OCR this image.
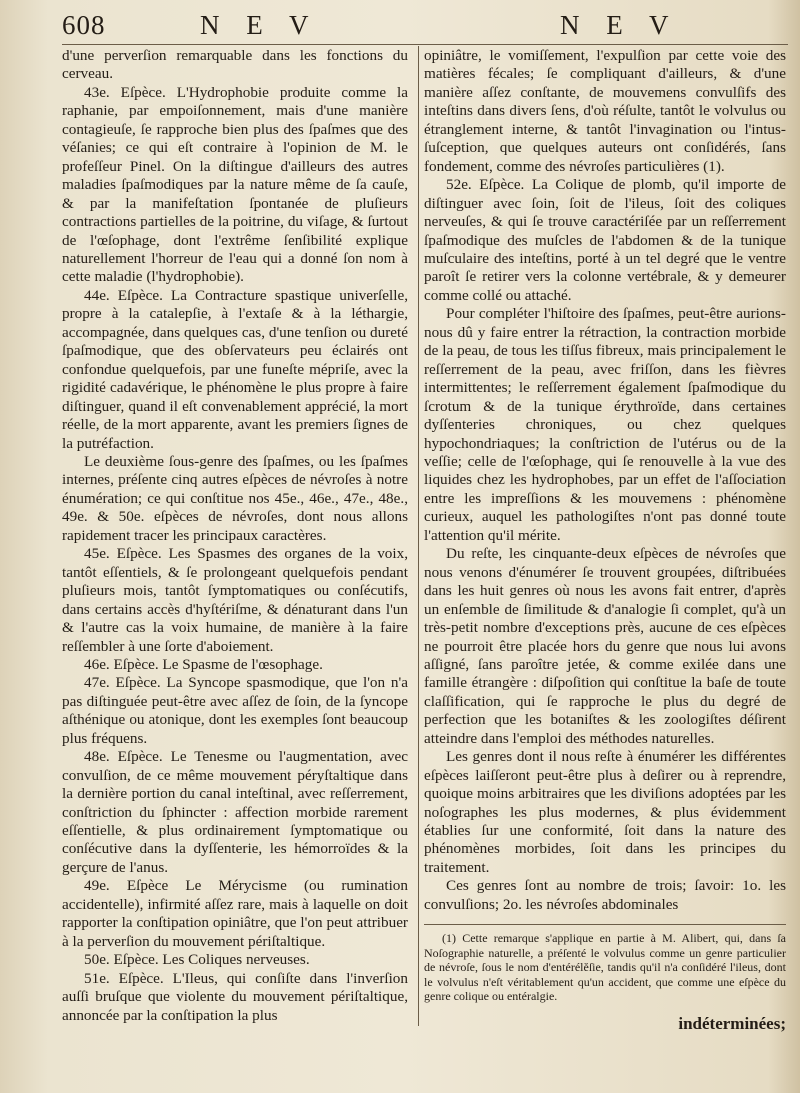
608	N E V	N E V

d'une perverſion remarquable dans les fonctions du cerveau.

43e. Eſpèce. L'Hydrophobie produite comme la raphanie, par empoiſonnement, mais d'une manière contagieuſe, ſe rapproche bien plus des ſpaſmes que des véſanies; ce qui eſt contraire à l'opinion de M. le profeſſeur Pinel. On la diſtingue d'ailleurs des autres maladies ſpaſmodiques par la nature même de ſa cauſe, & par la manifeſtation ſpontanée de pluſieurs contractions partielles de la poitrine, du viſage, & ſurtout de l'œſophage, dont l'extrême ſenſibilité explique naturellement l'horreur de l'eau qui a donné ſon nom à cette maladie (l'hydrophobie).

44e. Eſpèce. La Contracture spastique univerſelle, propre à la catalepſie, à l'extaſe & à la léthargie, accompagnée, dans quelques cas, d'une tenſion ou dureté ſpaſmodique, que des obſervateurs peu éclairés ont confondue quelquefois, par une funeſte mépriſe, avec la rigidité cadavérique, le phénomène le plus propre à faire diſtinguer, quand il eſt convenablement apprécié, la mort réelle, de la mort apparente, avant les premiers ſignes de la putréfaction.

Le deuxième ſous-genre des ſpaſmes, ou les ſpaſmes internes, préſente cinq autres eſpèces de névroſes à notre énumération; ce qui conſtitue nos 45e., 46e., 47e., 48e., 49e. & 50e. eſpèces de névroſes, dont nous allons rapidement tracer les principaux caractères.

45e. Eſpèce. Les Spasmes des organes de la voix, tantôt eſſentiels, & ſe prolongeant quelquefois pendant pluſieurs mois, tantôt ſymptomatiques ou conſécutifs, dans certains accès d'hyſtériſme, & dénaturant dans l'un & l'autre cas la voix humaine, de manière à la faire reſſembler à une ſorte d'aboiement.

46e. Eſpèce. Le Spasme de l'œsophage.

47e. Eſpèce. La Syncope spasmodique, que l'on n'a pas diſtinguée peut-être avec aſſez de ſoin, de la ſyncope aſthénique ou atonique, dont les exemples ſont beaucoup plus fréquens.

48e. Eſpèce. Le Tenesme ou l'augmentation, avec convulſion, de ce même mouvement péryſtaltique dans la dernière portion du canal inteſtinal, avec reſſerrement, conſtriction du ſphincter : affection morbide rarement eſſentielle, & plus ordinairement ſymptomatique ou conſécutive dans la dyſſenterie, les hémorroïdes & la gerçure de l'anus.

49e. Eſpèce Le Mérycisme (ou rumination accidentelle), infirmité aſſez rare, mais à laquelle on doit rapporter la conſtipation opiniâtre, que l'on peut attribuer à la perverſion du mouvement périſtaltique.

50e. Eſpèce. Les Coliques nerveuses.

51e. Eſpèce. L'Ileus, qui conſiſte dans l'inverſion auſſi bruſque que violente du mouvement périſtaltique, annoncée par la conſtipation la plus

opiniâtre, le vomiſſement, l'expulſion par cette voie des matières fécales; ſe compliquant d'ailleurs, & d'une manière aſſez conſtante, de mouvemens convulſifs des inteſtins dans divers ſens, d'où réſulte, tantôt le volvulus ou étranglement interne, & tantôt l'invagination ou l'intus-ſuſception, que quelques auteurs ont conſidérés, ſans fondement, comme des névroſes particulières (1).

52e. Eſpèce. La Colique de plomb, qu'il importe de diſtinguer avec ſoin, ſoit de l'ileus, ſoit des coliques nerveuſes, & qui ſe trouve caractériſée par un reſſerrement ſpaſmodique des muſcles de l'abdomen & de la tunique muſculaire des inteſtins, porté à un tel degré que le ventre paroît ſe retirer vers la colonne vertébrale, & y demeurer comme collé ou attaché.

Pour compléter l'hiſtoire des ſpaſmes, peut-être aurions-nous dû y faire entrer la rétraction, la contraction morbide de la peau, de tous les tiſſus fibreux, mais principalement le reſſerrement de la peau, avec friſſon, dans les fièvres intermittentes; le reſſerrement également ſpaſmodique du ſcrotum & de la tunique érythroïde, dans certaines dyſſenteries chroniques, ou chez quelques hypochondriaques; la conſtriction de l'utérus ou de la veſſie; celle de l'œſophage, qui ſe renouvelle à la vue des liquides chez les hydrophobes, par un effet de l'aſſociation entre les impreſſions & les mouvemens : phénomène curieux, auquel les pathologiſtes n'ont pas donné toute l'attention qu'il mérite.

Du reſte, les cinquante-deux eſpèces de névroſes que nous venons d'énumérer ſe trouvent groupées, diſtribuées dans les huit genres où nous les avons fait entrer, d'après un enſemble de ſimilitude & d'analogie ſi complet, qu'à un très-petit nombre d'exceptions près, aucune de ces eſpèces ne pourroit être placée hors du genre que nous lui avons aſſigné, ſans paroître jetée, & comme exilée dans une famille étrangère : diſpoſition qui conſtitue la baſe de toute claſſification, qui ſe rapproche le plus du degré de perfection que les botaniſtes & les zoologiſtes déſirent atteindre dans l'emploi des méthodes naturelles.

Les genres dont il nous reſte à énumérer les différentes eſpèces laiſſeront peut-être plus à deſirer ou à reprendre, quoique moins arbitraires que les diviſions adoptées par les noſographes les plus modernes, & plus évidemment établies ſur une conformité, ſoit dans la nature des phénomènes morbides, ſoit dans les principes du traitement.

Ces genres ſont au nombre de trois; ſavoir: 1o. les convulſions; 2o. les névroſes abdominales

(1) Cette remarque s'applique en partie à M. Alibert, qui, dans ſa Noſographie naturelle, a préſenté le volvulus comme un genre particulier de névroſe, ſous le nom d'entérélĕſie, tandis qu'il n'a conſidéré l'ileus, dont le volvulus n'eſt véritablement qu'un accident, que comme une eſpèce du genre colique ou entéralgie.
indéterminées;
